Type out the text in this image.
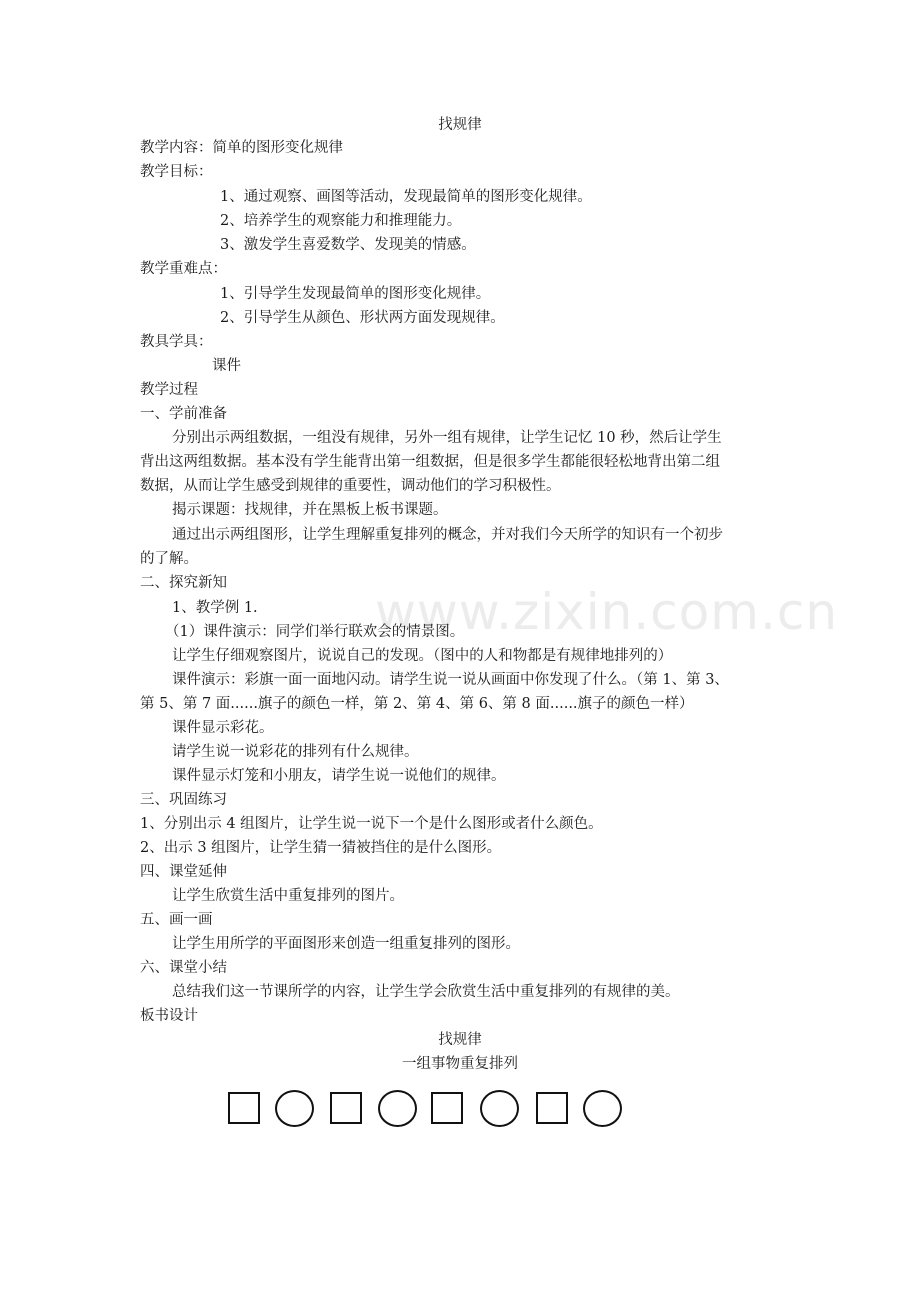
www.zixin.com.cn
找规律
教学内容：简单的图形变化规律
教学目标：
1、通过观察、画图等活动，发现最简单的图形变化规律。
2、培养学生的观察能力和推理能力。
3、激发学生喜爱数学、发现美的情感。
教学重难点：
1、引导学生发现最简单的图形变化规律。
2、引导学生从颜色、形状两方面发现规律。
教具学具：
课件
教学过程
一、学前准备
分别出示两组数据，一组没有规律，另外一组有规律，让学生记忆 10 秒，然后让学生
背出这两组数据。基本没有学生能背出第一组数据，但是很多学生都能很轻松地背出第二组
数据，从而让学生感受到规律的重要性，调动他们的学习积极性。
揭示课题：找规律，并在黑板上板书课题。
通过出示两组图形，让学生理解重复排列的概念，并对我们今天所学的知识有一个初步
的了解。
二、探究新知
1、教学例 1.
（1）课件演示：同学们举行联欢会的情景图。
让学生仔细观察图片，说说自己的发现。（图中的人和物都是有规律地排列的）
课件演示：彩旗一面一面地闪动。请学生说一说从画面中你发现了什么。（第 1、第 3、
第 5、第 7 面......旗子的颜色一样，第 2、第 4、第 6、第 8 面......旗子的颜色一样）
课件显示彩花。
请学生说一说彩花的排列有什么规律。
课件显示灯笼和小朋友，请学生说一说他们的规律。
三、巩固练习
1、分别出示 4 组图片，让学生说一说下一个是什么图形或者什么颜色。
2、出示 3 组图片，让学生猜一猜被挡住的是什么图形。
四、课堂延伸
让学生欣赏生活中重复排列的图片。
五、画一画
让学生用所学的平面图形来创造一组重复排列的图形。
六、课堂小结
总结我们这一节课所学的内容，让学生学会欣赏生活中重复排列的有规律的美。
板书设计
找规律
一组事物重复排列
